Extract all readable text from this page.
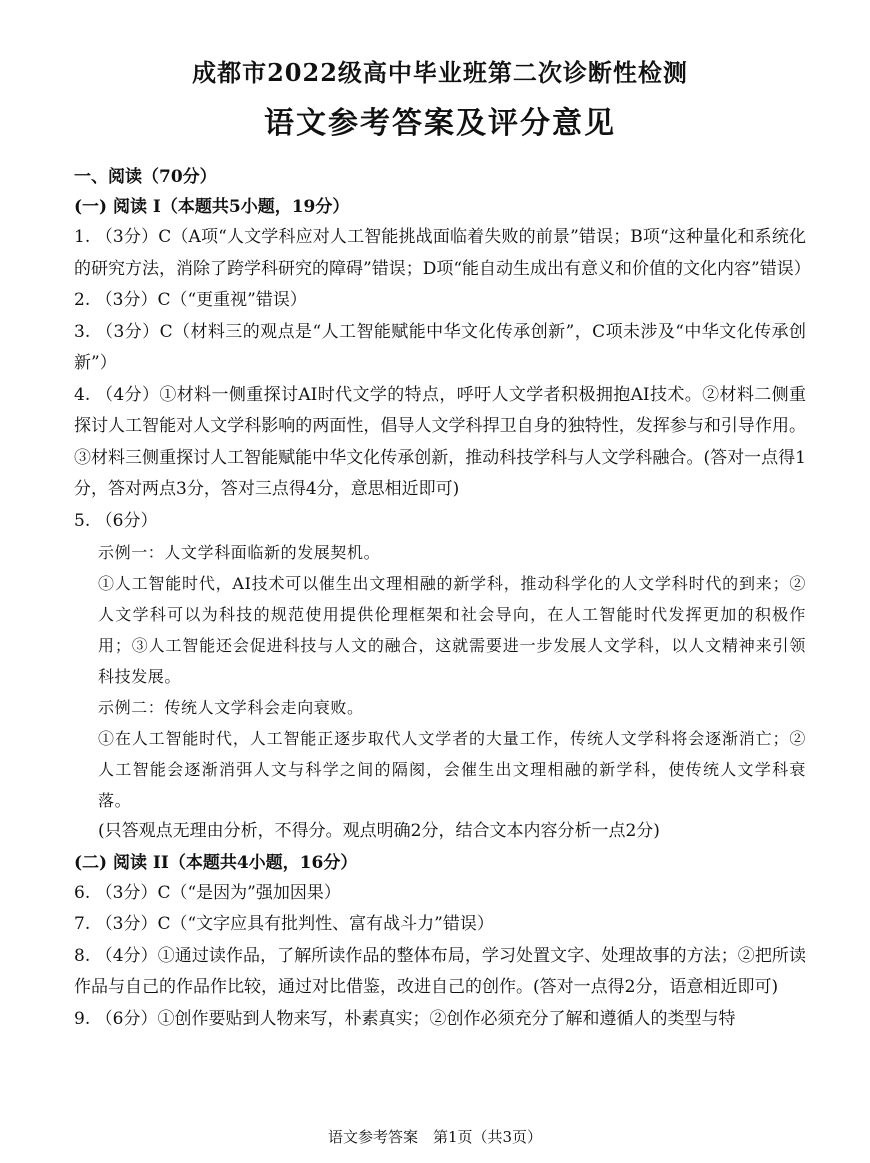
成都市2022级高中毕业班第二次诊断性检测
语文参考答案及评分意见
一、阅读（70分）
(一) 阅读 I（本题共5小题，19分）

1. （3分）C（A项“人文学科应对人工智能挑战面临着失败的前景”错误；B项“这种量化和系统化的研究方法，消除了跨学科研究的障碍”错误；D项“能自动生成出有意义和价值的文化内容”错误）

2. （3分）C（“更重视”错误）

3. （3分）C（材料三的观点是“人工智能赋能中华文化传承创新”，C项未涉及“中华文化传承创新”）

4. （4分）①材料一侧重探讨AI时代文学的特点，呼吁人文学者积极拥抱AI技术。②材料二侧重探讨人工智能对人文学科影响的两面性，倡导人文学科捍卫自身的独特性，发挥参与和引导作用。③材料三侧重探讨人工智能赋能中华文化传承创新，推动科技学科与人文学科融合。(答对一点得1分，答对两点3分，答对三点得4分，意思相近即可)

5. （6分）

示例一：人文学科面临新的发展契机。

①人工智能时代，AI技术可以催生出文理相融的新学科，推动科学化的人文学科时代的到来；②人文学科可以为科技的规范使用提供伦理框架和社会导向，在人工智能时代发挥更加的积极作用；③人工智能还会促进科技与人文的融合，这就需要进一步发展人文学科，以人文精神来引领科技发展。

示例二：传统人文学科会走向衰败。

①在人工智能时代，人工智能正逐步取代人文学者的大量工作，传统人文学科将会逐渐消亡；②人工智能会逐渐消弭人文与科学之间的隔阂，会催生出文理相融的新学科，使传统人文学科衰落。

(只答观点无理由分析，不得分。观点明确2分，结合文本内容分析一点2分)

(二) 阅读 II（本题共4小题，16分）

6. （3分）C（“是因为”强加因果）

7. （3分）C（“文字应具有批判性、富有战斗力”错误）

8. （4分）①通过读作品，了解所读作品的整体布局，学习处置文字、处理故事的方法；②把所读作品与自己的作品作比较，通过对比借鉴，改进自己的创作。(答对一点得2分，语意相近即可)

9. （6分）①创作要贴到人物来写，朴素真实；②创作必须充分了解和遵循人的类型与特

语文参考答案　第1页（共3页）
